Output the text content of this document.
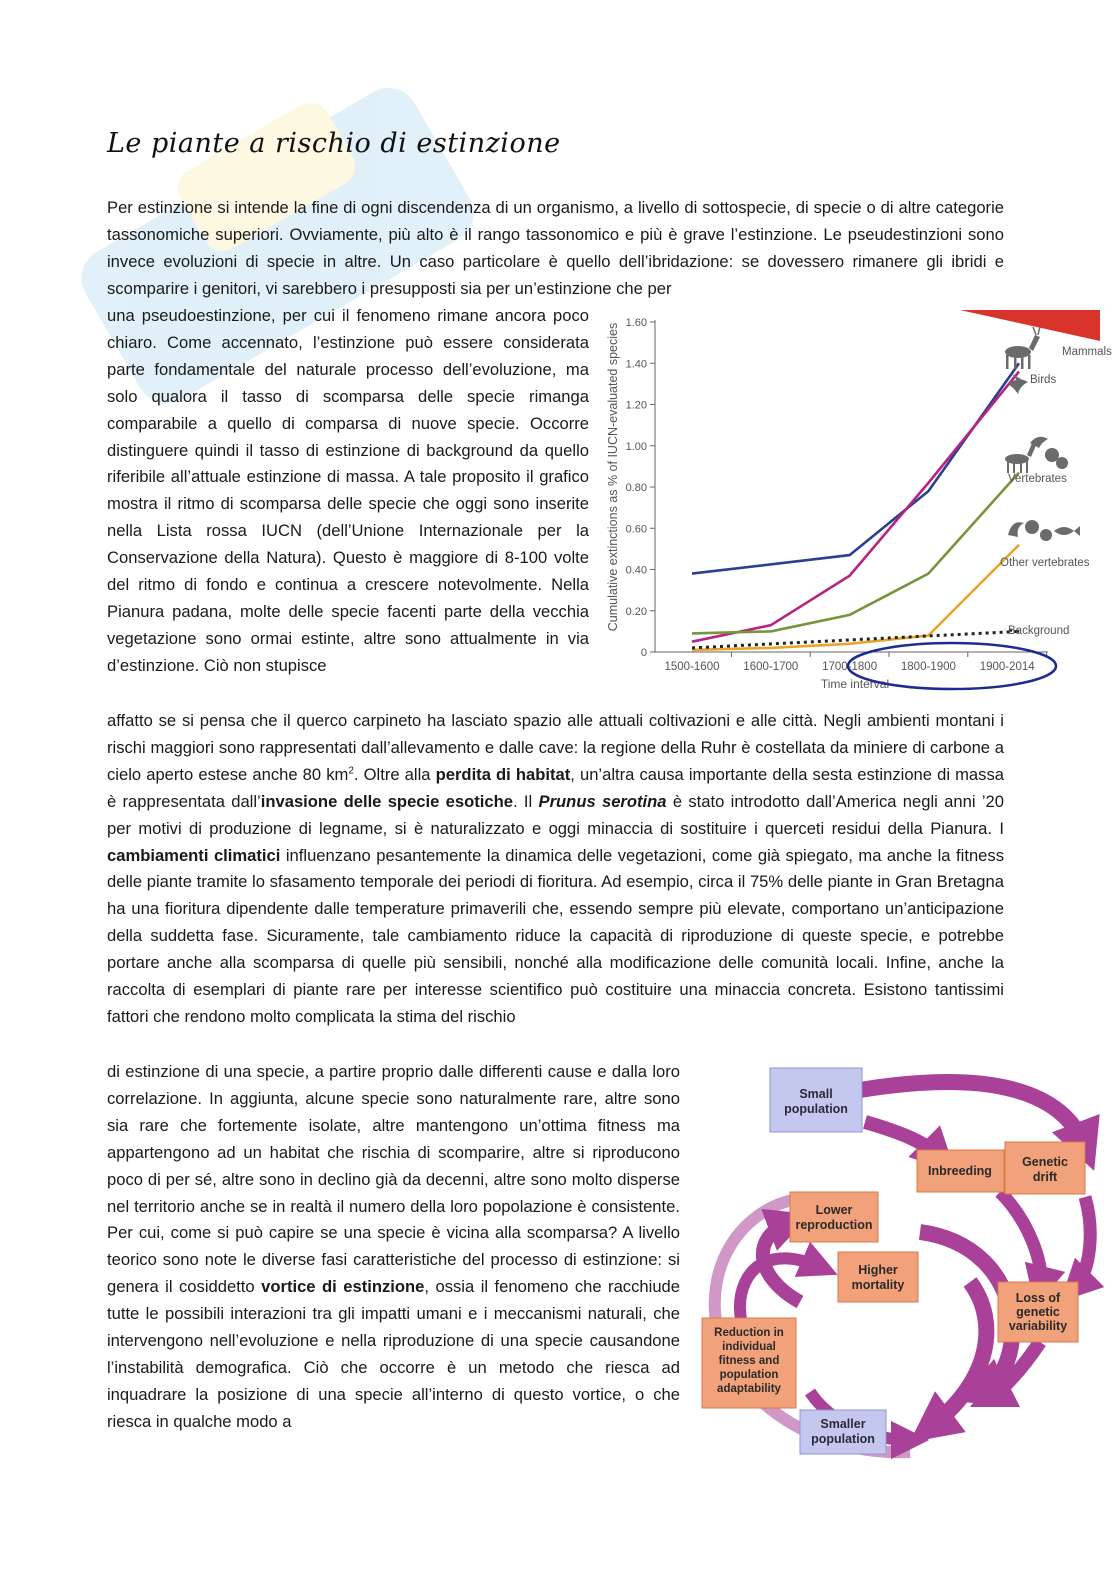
Le piante a rischio di estinzione

Per estinzione si intende la fine di ogni discendenza di un organismo, a livello di sottospecie, di specie o di altre categorie tassonomiche superiori. Ovviamente, più alto è il rango tassonomico e più è grave l’estinzione. Le pseudestinzioni sono invece evoluzioni di specie in altre. Un caso particolare è quello dell’ibridazione: se dovessero rimanere gli ibridi e scomparire i genitori, vi sarebbero i presupposti sia per un’estinzione che per

una pseudoestinzione, per cui il fenomeno rimane ancora poco chiaro. Come accennato, l’estinzione può essere considerata parte fondamentale del naturale processo dell’evoluzione, ma solo qualora il tasso di scomparsa delle specie rimanga comparabile a quello di comparsa di nuove specie. Occorre distinguere quindi il tasso di estinzione di background da quello riferibile all’attuale estinzione di massa. A tale proposito il grafico mostra il ritmo di scomparsa delle specie che oggi sono inserite nella Lista rossa IUCN (dell’Unione Internazionale per la Conservazione della Natura). Questo è maggiore di 8-100 volte del ritmo di fondo e continua a crescere notevolmente. Nella Pianura padana, molte delle specie facenti parte della vecchia vegetazione sono ormai estinte, altre sono attualmente in via d’estinzione. Ciò non stupisce

Cumulative extinctions as % of IUCN-evaluated species
0
0.20
0.40
0.60
0.80
1.00
1.20
1.40
1.60
1500-1600 1600-1700 1700-1800 1800-1900 1900-2014
Mammals
Birds
Vertebrates
Other vertebrates
Background
Time interval

affatto se si pensa che il querco carpineto ha lasciato spazio alle attuali coltivazioni e alle città. Negli ambienti montani i rischi maggiori sono rappresentati dall’allevamento e dalle cave: la regione della Ruhr è costellata da miniere di carbone a cielo aperto estese anche 80 $km^2$. Oltre alla perdita di habitat, un’altra causa importante della sesta estinzione di massa è rappresentata dall’invasione delle specie esotiche. Il Prunus serotina è stato introdotto dall’America negli anni ’20 per motivi di produzione di legname, si è naturalizzato e oggi minaccia di sostituire i querceti residui della Pianura. I cambiamenti climatici influenzano pesantemente la dinamica delle vegetazioni, come già spiegato, ma anche la fitness delle piante tramite lo sfasamento temporale dei periodi di fioritura. Ad esempio, circa il 75% delle piante in Gran Bretagna ha una fioritura dipendente dalle temperature primaverili che, essendo sempre più elevate, comportano un’anticipazione della suddetta fase. Sicuramente, tale cambiamento riduce la capacità di riproduzione di queste specie, e potrebbe portare anche alla scomparsa di quelle più sensibili, nonché alla modificazione delle comunità locali. Infine, anche la raccolta di esemplari di piante rare per interesse scientifico può costituire una minaccia concreta. Esistono tantissimi fattori che rendono molto complicata la stima del rischio

di estinzione di una specie, a partire proprio dalle differenti cause e dalla loro correlazione. In aggiunta, alcune specie sono naturalmente rare, altre sono sia rare che fortemente isolate, altre mantengono un’ottima fitness ma appartengono ad un habitat che rischia di scomparire, altre si riproducono poco di per sé, altre sono in declino già da decenni, altre sono molto disperse nel territorio anche se in realtà il numero della loro popolazione è consistente. Per cui, come si può capire se una specie è vicina alla scomparsa? A livello teorico sono note le diverse fasi caratteristiche del processo di estinzione: si genera il cosiddetto vortice di estinzione, ossia il fenomeno che racchiude tutte le possibili interazioni tra gli impatti umani e i meccanismi naturali, che intervengono nell’evoluzione e nella riproduzione di una specie causandone l’instabilità demografica. Ciò che occorre è un metodo che riesca ad inquadrare la posizione di una specie all’interno di questo vortice, o che riesca in qualche modo a

Small population
Inbreeding
Genetic drift
Lower reproduction
Higher mortality
Loss of genetic variability
Reduction in individual fitness and population adaptability
Smaller population
